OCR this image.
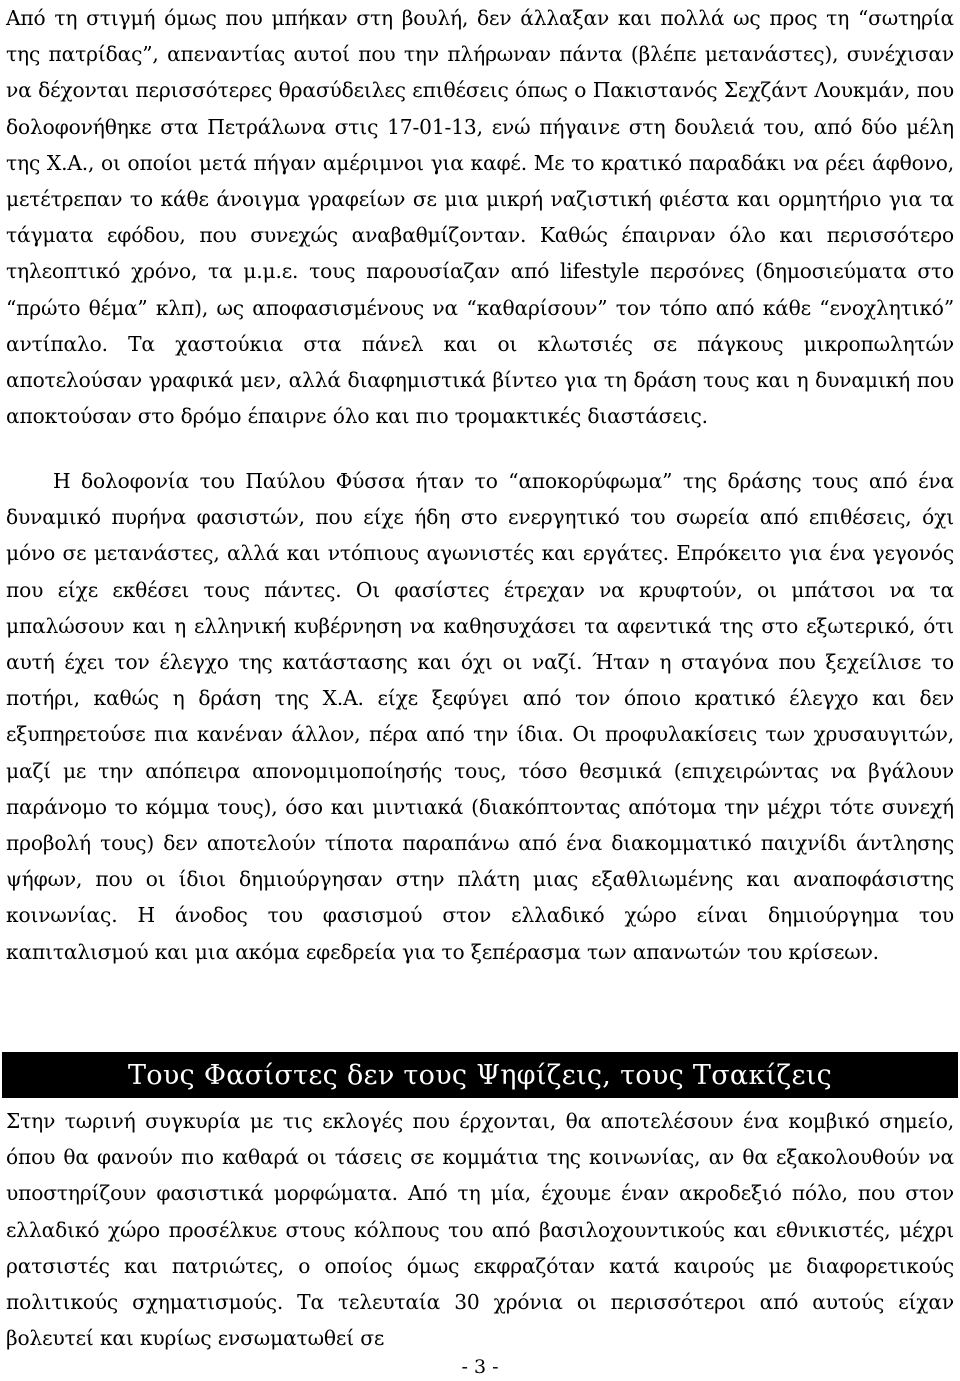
Από τη στιγμή όμως που μπήκαν στη βουλή, δεν άλλαξαν και πολλά ως προς τη “σωτηρία της πατρίδας”, απεναντίας αυτοί που την πλήρωναν πάντα (βλέπε μετανάστες), συνέχισαν να δέχονται περισσότερες θρασύδειλες επιθέσεις όπως ο Πακιστανός Σεχζάντ Λουκμάν, που δολοφονήθηκε στα Πετράλωνα στις 17-01-13, ενώ πήγαινε στη δουλειά του, από δύο μέλη της Χ.Α., οι οποίοι μετά πήγαν αμέριμνοι για καφέ. Με το κρατικό παραδάκι να ρέει άφθονο, μετέτρεπαν το κάθε άνοιγμα γραφείων σε μια μικρή ναζιστική φιέστα και ορμητήριο για τα τάγματα εφόδου, που συνεχώς αναβαθμίζονταν. Καθώς έπαιρναν όλο και περισσότερο τηλεοπτικό χρόνο, τα μ.μ.ε. τους παρουσίαζαν από lifestyle περσόνες (δημοσιεύματα στο “πρώτο θέμα” κλπ), ως αποφασισμένους να “καθαρίσουν” τον τόπο από κάθε “ενοχλητικό” αντίπαλο. Τα χαστούκια στα πάνελ και οι κλωτσιές σε πάγκους μικροπωλητών αποτελούσαν γραφικά μεν, αλλά διαφημιστικά βίντεο για τη δράση τους και η δυναμική που αποκτούσαν στο δρόμο έπαιρνε όλο και πιο τρομακτικές διαστάσεις.

Η δολοφονία του Παύλου Φύσσα ήταν το “αποκορύφωμα” της δράσης τους από ένα δυναμικό πυρήνα φασιστών, που είχε ήδη στο ενεργητικό του σωρεία από επιθέσεις, όχι μόνο σε μετανάστες, αλλά και ντόπιους αγωνιστές και εργάτες. Επρόκειτο για ένα γεγονός που είχε εκθέσει τους πάντες. Οι φασίστες έτρεχαν να κρυφτούν, οι μπάτσοι να τα μπαλώσουν και η ελληνική κυβέρνηση να καθησυχάσει τα αφεντικά της στο εξωτερικό, ότι αυτή έχει τον έλεγχο της κατάστασης και όχι οι ναζί. Ήταν η σταγόνα που ξεχείλισε το ποτήρι, καθώς η δράση της Χ.Α. είχε ξεφύγει από τον όποιο κρατικό έλεγχο και δεν εξυπηρετούσε πια κανέναν άλλον, πέρα από την ίδια. Οι προφυλακίσεις των χρυσαυγιτών, μαζί με την απόπειρα απονομιμοποίησής τους, τόσο θεσμικά (επιχειρώντας να βγάλουν παράνομο το κόμμα τους), όσο και μιντιακά (διακόπτοντας απότομα την μέχρι τότε συνεχή προβολή τους) δεν αποτελούν τίποτα παραπάνω από ένα διακομματικό παιχνίδι άντλησης ψήφων, που οι ίδιοι δημιούργησαν στην πλάτη μιας εξαθλιωμένης και αναποφάσιστης κοινωνίας. Η άνοδος του φασισμού στον ελλαδικό χώρο είναι δημιούργημα του καπιταλισμού και μια ακόμα εφεδρεία για το ξεπέρασμα των απανωτών του κρίσεων.

Τους Φασίστες δεν τους Ψηφίζεις, τους Τσακίζεις

Στην τωρινή συγκυρία με τις εκλογές που έρχονται, θα αποτελέσουν ένα κομβικό σημείο, όπου θα φανούν πιο καθαρά οι τάσεις σε κομμάτια της κοινωνίας, αν θα εξακολουθούν να υποστηρίζουν φασιστικά μορφώματα. Από τη μία, έχουμε έναν ακροδεξιό πόλο, που στον ελλαδικό χώρο προσέλκυε στους κόλπους του από βασιλοχουντικούς και εθνικιστές, μέχρι ρατσιστές και πατριώτες, ο οποίος όμως εκφραζόταν κατά καιρούς με διαφορετικούς πολιτικούς σχηματισμούς. Τα τελευταία 30 χρόνια οι περισσότεροι από αυτούς είχαν βολευτεί και κυρίως ενσωματωθεί σε

- 3 -
